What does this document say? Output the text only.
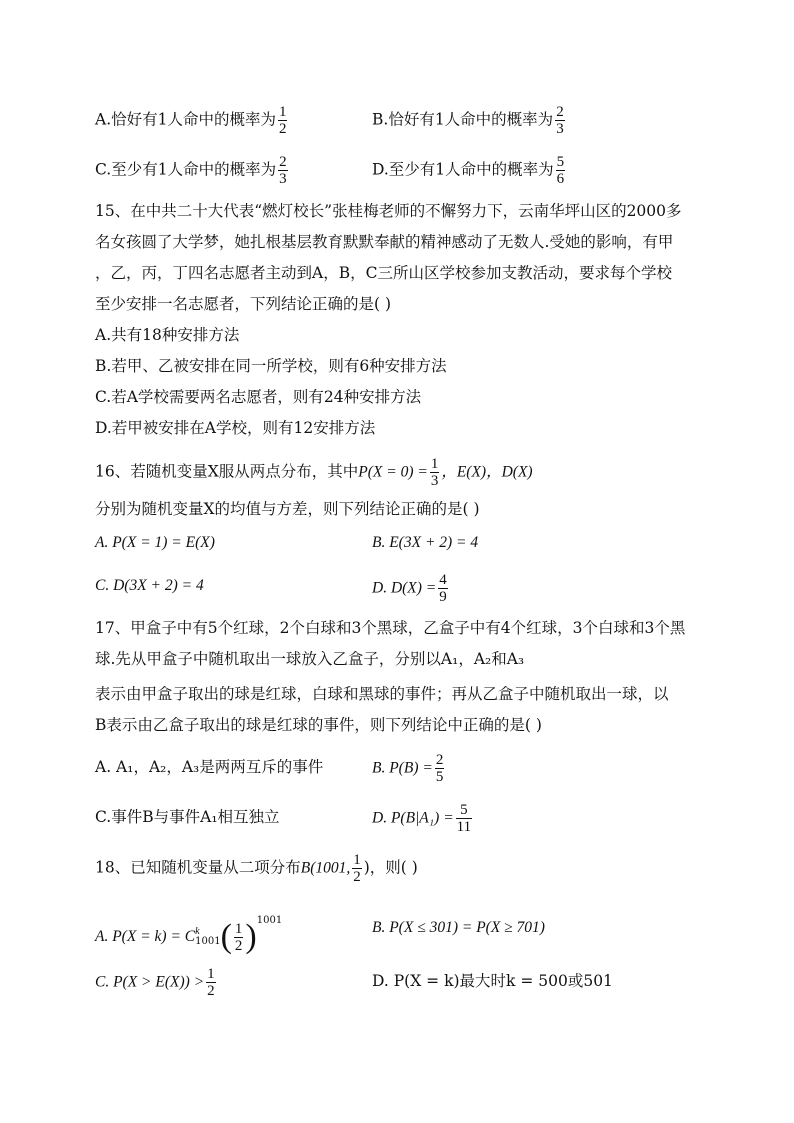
A.恰好有1人命中的概率为 $\frac{1}{2}$	B.恰好有1人命中的概率为 $\frac{2}{3}$
C.至少有1人命中的概率为 $\frac{2}{3}$	D.至少有1人命中的概率为 $\frac{5}{6}$
15、在中共二十大代表“燃灯校长”张桂梅老师的不懈努力下，云南华坪山区的2000多
名女孩圆了大学梦，她扎根基层教育默默奉献的精神感动了无数人.受她的影响，有甲
，乙，丙，丁四名志愿者主动到A，B，C三所山区学校参加支教活动，要求每个学校
至少安排一名志愿者，下列结论正确的是( )
A.共有18种安排方法
B.若甲、乙被安排在同一所学校，则有6种安排方法
C.若A学校需要两名志愿者，则有24种安排方法
D.若甲被安排在A学校，则有12安排方法
16、若随机变量X服从两点分布，其中$P(X = 0) = \frac{1}{3}$ ，E(X)，D(X)
分别为随机变量X的均值与方差，则下列结论正确的是( )
A. P(X = 1) = E(X)	B. E(3X + 2) = 4
C. D(3X + 2) = 4	D. $D(X) = \frac{4}{9}$
17、甲盒子中有5个红球，2个白球和3个黑球，乙盒子中有4个红球，3个白球和3个黑
球.先从甲盒子中随机取出一球放入乙盒子，分别以A₁，A₂和A₃
表示由甲盒子取出的球是红球，白球和黑球的事件；再从乙盒子中随机取出一球，以
B表示由乙盒子取出的球是红球的事件，则下列结论中正确的是( )
A. A₁，A₂，A₃是两两互斥的事件	B. $P(B) = \frac{2}{5}$
C.事件B与事件A₁相互独立	D. $P(B|A_1) = \frac{5}{11}$
18、已知随机变量从二项分布B(1001, $\frac{1}{2}$ )，则( )
A. P(X = k) = C k
1001 ( $\frac{1}{2} )^{1001}$	B. P(X ≤ 301) = P(X ≥ 701)
C. $P(X > E(X)) > \frac{1}{2}$	D. P(X = k)最大时k = 500或501
